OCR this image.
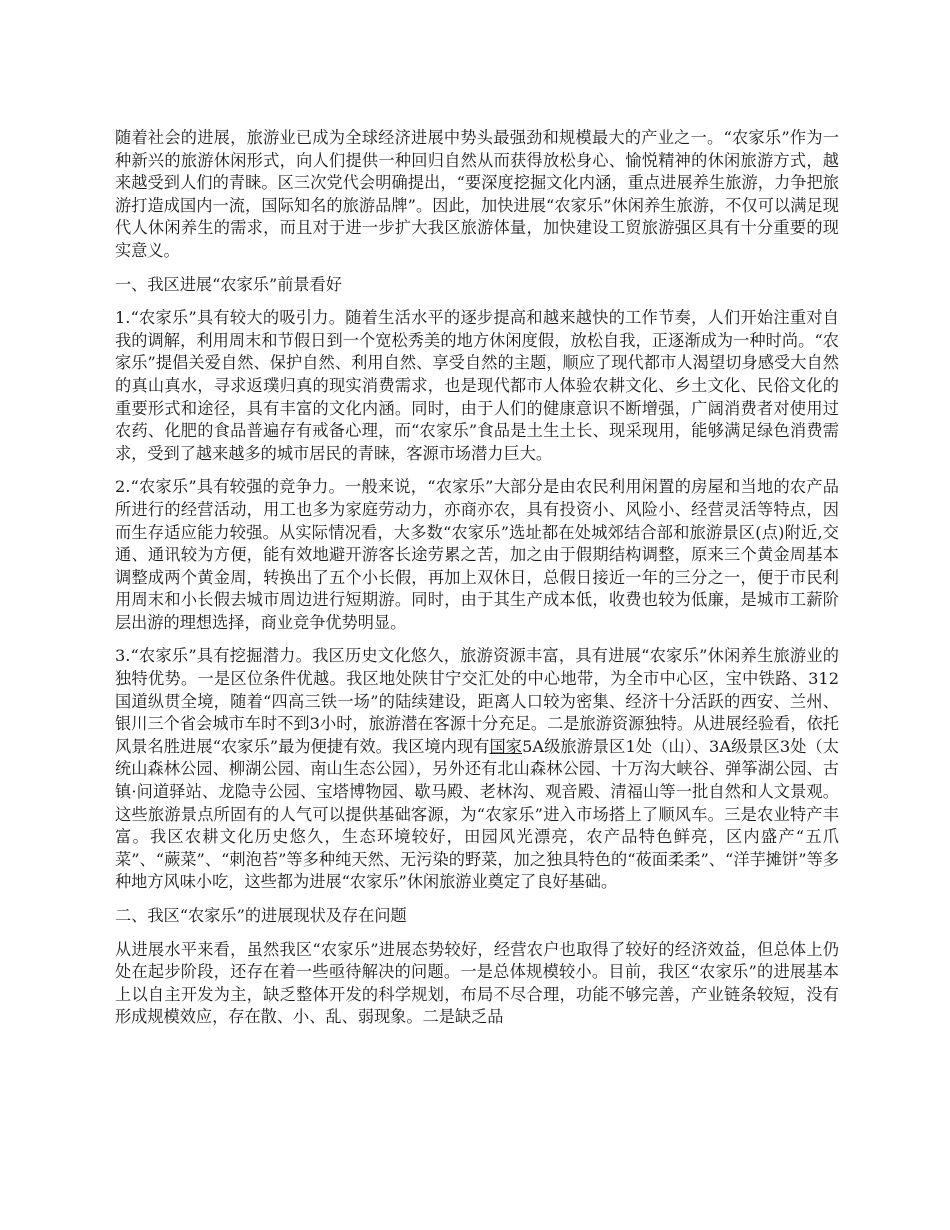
随着社会的进展，旅游业已成为全球经济进展中势头最强劲和规模最大的产业之一。“农家乐”作为一种新兴的旅游休闲形式，向人们提供一种回归自然从而获得放松身心、愉悦精神的休闲旅游方式，越来越受到人们的青睐。区三次党代会明确提出，“要深度挖掘文化内涵，重点进展养生旅游，力争把旅游打造成国内一流，国际知名的旅游品牌”。因此，加快进展“农家乐”休闲养生旅游，不仅可以满足现代人休闲养生的需求，而且对于进一步扩大我区旅游体量，加快建设工贸旅游强区具有十分重要的现实意义。

一、我区进展“农家乐”前景看好

1.“农家乐”具有较大的吸引力。随着生活水平的逐步提高和越来越快的工作节奏，人们开始注重对自我的调解，利用周末和节假日到一个宽松秀美的地方休闲度假，放松自我，正逐渐成为一种时尚。“农家乐”提倡关爱自然、保护自然、利用自然、享受自然的主题，顺应了现代都市人渴望切身感受大自然的真山真水，寻求返璞归真的现实消费需求，也是现代都市人体验农耕文化、乡土文化、民俗文化的重要形式和途径，具有丰富的文化内涵。同时，由于人们的健康意识不断增强，广阔消费者对使用过农药、化肥的食品普遍存有戒备心理，而“农家乐”食品是土生土长、现采现用，能够满足绿色消费需求，受到了越来越多的城市居民的青睐，客源市场潜力巨大。

2.“农家乐”具有较强的竞争力。一般来说，“农家乐”大部分是由农民利用闲置的房屋和当地的农产品所进行的经营活动，用工也多为家庭劳动力，亦商亦农，具有投资小、风险小、经营灵活等特点，因而生存适应能力较强。从实际情况看，大多数“农家乐”选址都在处城郊结合部和旅游景区(点)附近,交通、通讯较为方便，能有效地避开游客长途劳累之苦，加之由于假期结构调整，原来三个黄金周基本调整成两个黄金周，转换出了五个小长假，再加上双休日，总假日接近一年的三分之一，便于市民利用周末和小长假去城市周边进行短期游。同时，由于其生产成本低，收费也较为低廉，是城市工薪阶层出游的理想选择，商业竞争优势明显。

3.“农家乐”具有挖掘潜力。我区历史文化悠久，旅游资源丰富，具有进展“农家乐”休闲养生旅游业的独特优势。一是区位条件优越。我区地处陕甘宁交汇处的中心地带，为全市中心区，宝中铁路、312国道纵贯全境，随着“四高三铁一场”的陆续建设，距离人口较为密集、经济十分活跃的西安、兰州、银川三个省会城市车时不到3小时，旅游潜在客源十分充足。二是旅游资源独特。从进展经验看，依托风景名胜进展“农家乐”最为便捷有效。我区境内现有国家5A级旅游景区1处（山）、3A级景区3处（太统山森林公园、柳湖公园、南山生态公园），另外还有北山森林公园、十万沟大峡谷、弹筝湖公园、古镇·问道驿站、龙隐寺公园、宝塔博物园、歇马殿、老林沟、观音殿、清福山等一批自然和人文景观。这些旅游景点所固有的人气可以提供基础客源，为“农家乐”进入市场搭上了顺风车。三是农业特产丰富。我区农耕文化历史悠久，生态环境较好，田园风光漂亮，农产品特色鲜亮，区内盛产“五爪菜”、“蕨菜”、“刺泡苔”等多种纯天然、无污染的野菜，加之独具特色的“莜面柔柔”、“洋芋摊饼”等多种地方风味小吃，这些都为进展“农家乐”休闲旅游业奠定了良好基础。

二、我区“农家乐”的进展现状及存在问题

从进展水平来看，虽然我区“农家乐”进展态势较好，经营农户也取得了较好的经济效益，但总体上仍处在起步阶段，还存在着一些亟待解决的问题。一是总体规模较小。目前，我区“农家乐”的进展基本上以自主开发为主，缺乏整体开发的科学规划，布局不尽合理，功能不够完善，产业链条较短，没有形成规模效应，存在散、小、乱、弱现象。二是缺乏品
